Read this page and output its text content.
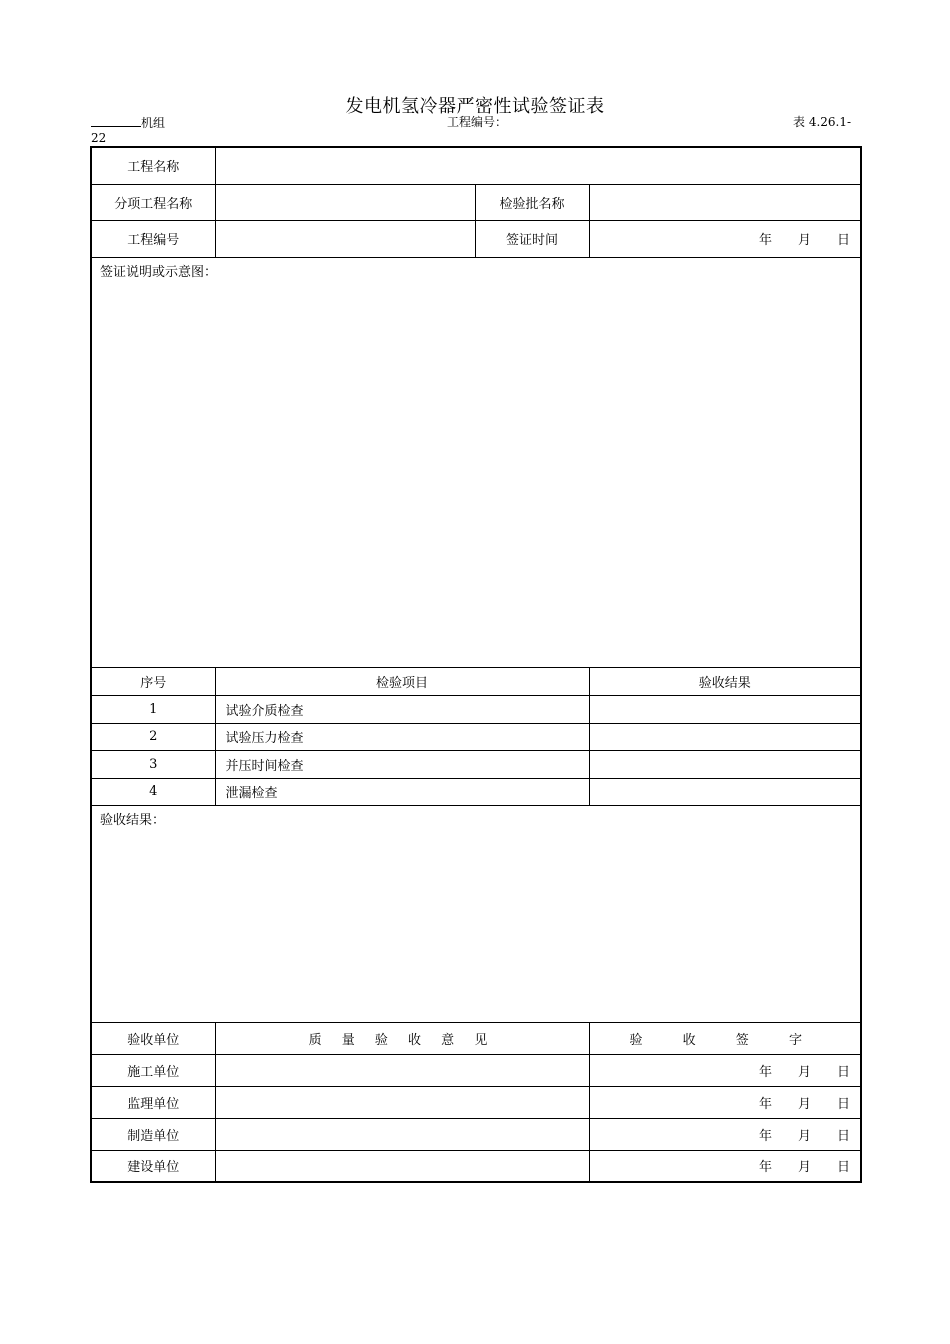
发电机氢冷器严密性试验签证表
机组	工程编号：	表 4.26.1-
22
工程名称			
分项工程名称		检验批名称	
工程编号		签证时间	年 月 日
签证说明或示意图：			
序号	检验项目		验收结果
1	试验介质检查		
2	试验压力检查		
3	并压时间检查		
4	泄漏检查		
验收结果：			
验收单位	质 量 验 收 意 见		验 收 签 字
施工单位			年 月 日
监理单位			年 月 日
制造单位			年 月 日
建设单位			年 月 日
